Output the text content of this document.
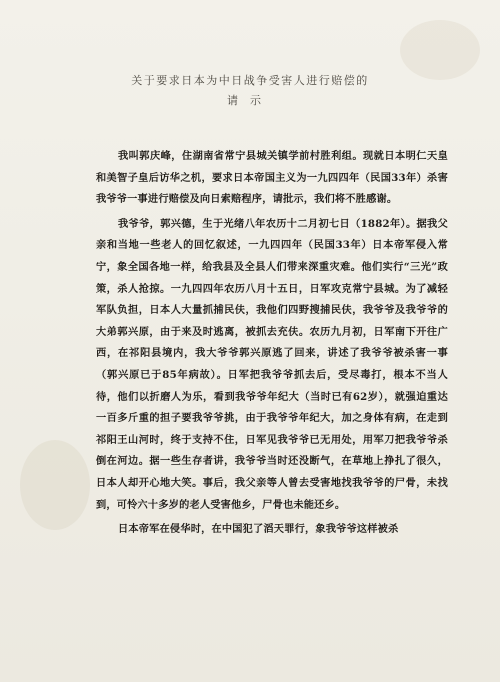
关于要求日本为中日战争受害人进行赔偿的
请示

我叫郭庆峰，住湖南省常宁县城关镇学前村胜利组。现就日本明仁天皇和美智子皇后访华之机，要求日本帝国主义为一九四四年（民国33年）杀害我爷爷一事进行赔偿及向日索赔程序，请批示，我们将不胜感谢。

我爷爷，郭兴德，生于光绪八年农历十二月初七日（1882年）。据我父亲和当地一些老人的回忆叙述，一九四四年（民国33年）日本帝军侵入常宁，象全国各地一样，给我县及全县人们带来深重灾难。他们实行“三光”政策，杀人抢掠。一九四四年农历八月十五日，日军攻克常宁县城。为了减轻军队负担，日本人大量抓捕民伕，我他们四野搜捕民伕，我爷爷及我爷爷的大弟郭兴原，由于来及时逃离，被抓去充伕。农历九月初，日军南下开往广西，在祁阳县境内，我大爷爷郭兴原逃了回来，讲述了我爷爷被杀害一事（郭兴原已于85年病故）。日军把我爷爷抓去后，受尽毒打，根本不当人待，他们以折磨人为乐，看到我爷爷年纪大（当时已有62岁），就强迫重达一百多斤重的担子要我爷爷挑，由于我爷爷年纪大，加之身体有病，在走到祁阳王山河时，终于支持不住，日军见我爷爷已无用处，用军刀把我爷爷杀倒在河边。据一些生存者讲，我爷爷当时还没断气，在草地上挣扎了很久，日本人却开心地大笑。事后，我父亲等人曾去受害地找我爷爷的尸骨，未找到，可怜六十多岁的老人受害他乡，尸骨也未能还乡。

日本帝军在侵华时，在中国犯了滔天罪行，象我爷爷这样被杀
